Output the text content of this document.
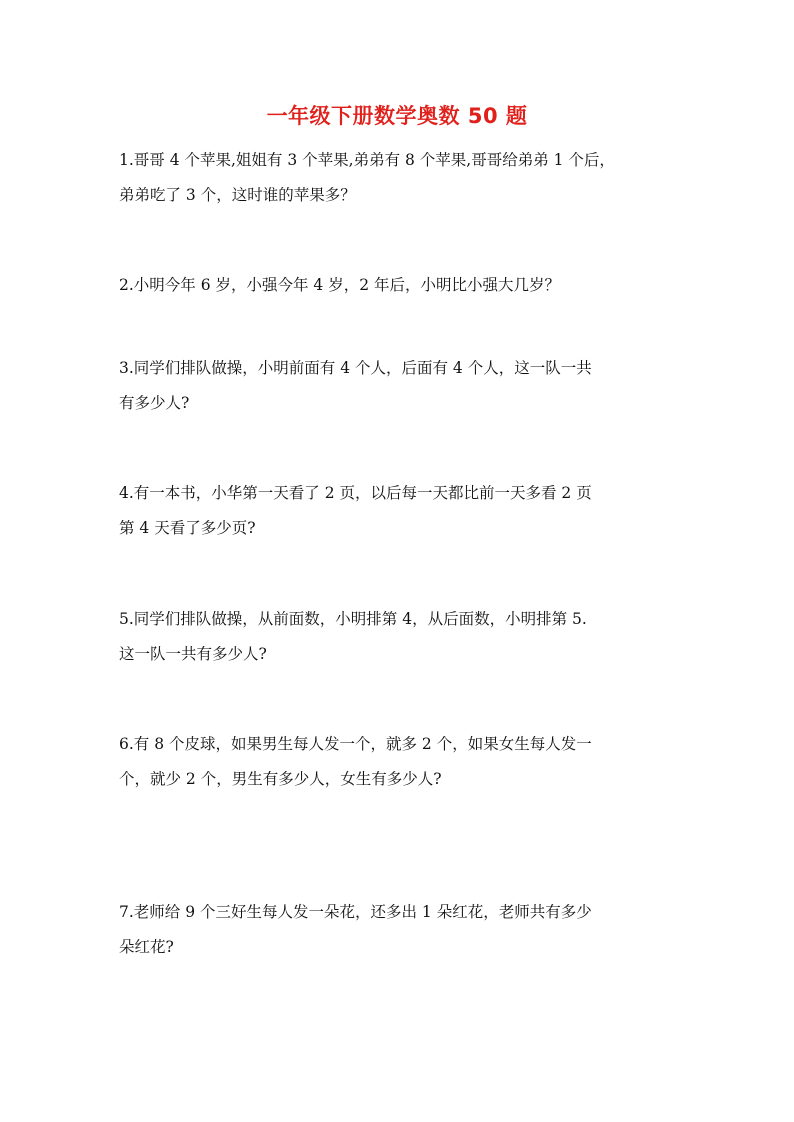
一年级下册数学奥数 50 题
1.哥哥 4 个苹果,姐姐有 3 个苹果,弟弟有 8 个苹果,哥哥给弟弟 1 个后，
弟弟吃了 3 个，这时谁的苹果多？
2.小明今年 6 岁，小强今年 4 岁，2 年后，小明比小强大几岁？
3.同学们排队做操，小明前面有 4 个人，后面有 4 个人，这一队一共
有多少人?
4.有一本书，小华第一天看了 2 页，以后每一天都比前一天多看 2 页
第 4 天看了多少页?
5.同学们排队做操，从前面数，小明排第 4，从后面数，小明排第 5.
这一队一共有多少人?
6.有 8 个皮球，如果男生每人发一个，就多 2 个，如果女生每人发一
个，就少 2 个，男生有多少人，女生有多少人?
7.老师给 9 个三好生每人发一朵花，还多出 1 朵红花，老师共有多少
朵红花?
